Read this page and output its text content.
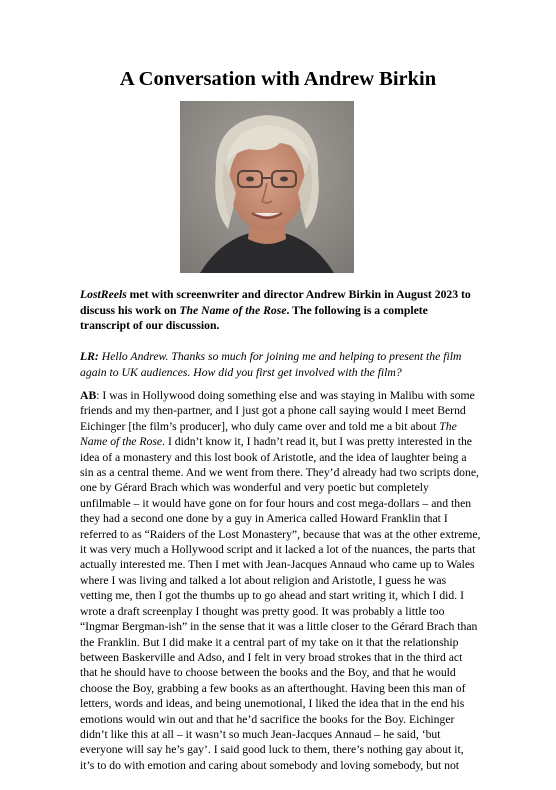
A Conversation with Andrew Birkin

LostReels met with screenwriter and director Andrew Birkin in August 2023 to
discuss his work on The Name of the Rose. The following is a complete
transcript of our discussion.

LR: Hello Andrew. Thanks so much for joining me and helping to present the film
again to UK audiences. How did you first get involved with the film?

AB: I was in Hollywood doing something else and was staying in Malibu with some
friends and my then-partner, and I just got a phone call saying would I meet Bernd
Eichinger [the film’s producer], who duly came over and told me a bit about The
Name of the Rose. I didn’t know it, I hadn’t read it, but I was pretty interested in the
idea of a monastery and this lost book of Aristotle, and the idea of laughter being a
sin as a central theme. And we went from there. They’d already had two scripts done,
one by Gérard Brach which was wonderful and very poetic but completely
unfilmable – it would have gone on for four hours and cost mega-dollars – and then
they had a second one done by a guy in America called Howard Franklin that I
referred to as “Raiders of the Lost Monastery”, because that was at the other extreme,
it was very much a Hollywood script and it lacked a lot of the nuances, the parts that
actually interested me. Then I met with Jean-Jacques Annaud who came up to Wales
where I was living and talked a lot about religion and Aristotle, I guess he was
vetting me, then I got the thumbs up to go ahead and start writing it, which I did. I
wrote a draft screenplay I thought was pretty good. It was probably a little too
“Ingmar Bergman-ish” in the sense that it was a little closer to the Gérard Brach than
the Franklin. But I did make it a central part of my take on it that the relationship
between Baskerville and Adso, and I felt in very broad strokes that in the third act
that he should have to choose between the books and the Boy, and that he would
choose the Boy, grabbing a few books as an afterthought. Having been this man of
letters, words and ideas, and being unemotional, I liked the idea that in the end his
emotions would win out and that he’d sacrifice the books for the Boy. Eichinger
didn’t like this at all – it wasn’t so much Jean-Jacques Annaud – he said, ‘but
everyone will say he’s gay’. I said good luck to them, there’s nothing gay about it,
it’s to do with emotion and caring about somebody and loving somebody, but not
